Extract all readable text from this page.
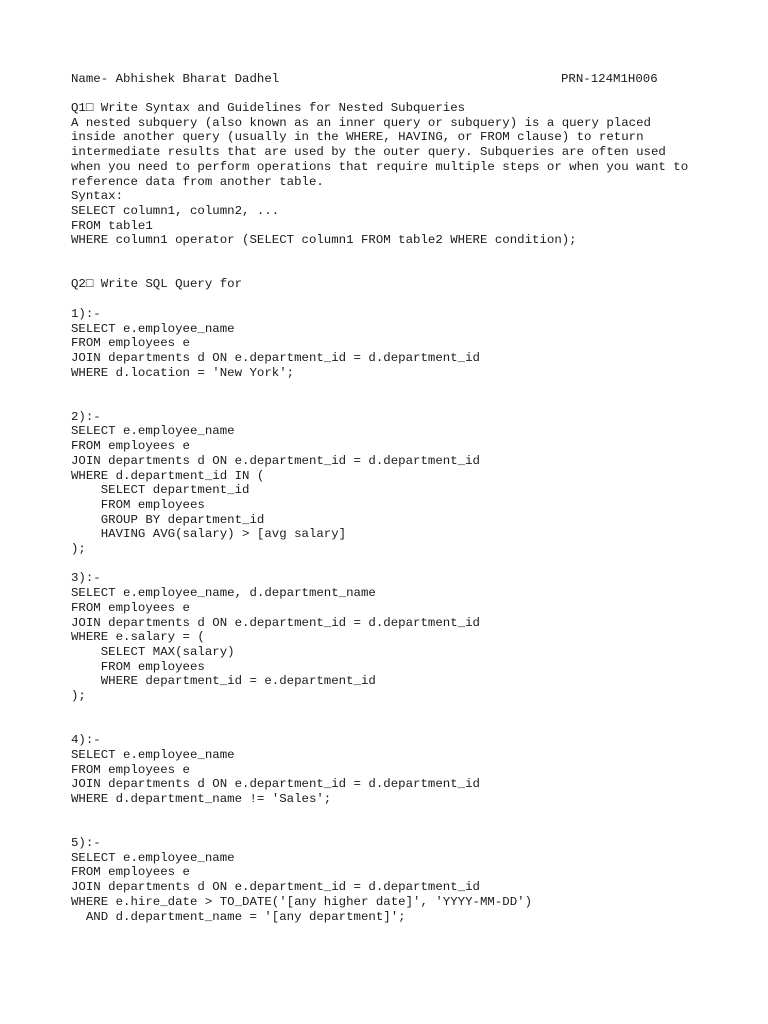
Name- Abhishek Bharat Dadhel	PRN-124M1H006
Q1□ Write Syntax and Guidelines for Nested Subqueries
A nested subquery (also known as an inner query or subquery) is a query placed
inside another query (usually in the WHERE, HAVING, or FROM clause) to return
intermediate results that are used by the outer query. Subqueries are often used
when you need to perform operations that require multiple steps or when you want to
reference data from another table.
Syntax:
SELECT column1, column2, ...
FROM table1
WHERE column1 operator (SELECT column1 FROM table2 WHERE condition);
Q2□ Write SQL Query for
1):-
SELECT e.employee_name
FROM employees e
JOIN departments d ON e.department_id = d.department_id
WHERE d.location = 'New York';
2):-
SELECT e.employee_name
FROM employees e
JOIN departments d ON e.department_id = d.department_id
WHERE d.department_id IN (
SELECT department_id
FROM employees
GROUP BY department_id
HAVING AVG(salary) > [avg salary]
);
3):-
SELECT e.employee_name, d.department_name
FROM employees e
JOIN departments d ON e.department_id = d.department_id
WHERE e.salary = (
SELECT MAX(salary)
FROM employees
WHERE department_id = e.department_id
);
4):-
SELECT e.employee_name
FROM employees e
JOIN departments d ON e.department_id = d.department_id
WHERE d.department_name != 'Sales';
5):-
SELECT e.employee_name
FROM employees e
JOIN departments d ON e.department_id = d.department_id
WHERE e.hire_date > TO_DATE('[any higher date]', 'YYYY-MM-DD')
AND d.department_name = '[any department]';
